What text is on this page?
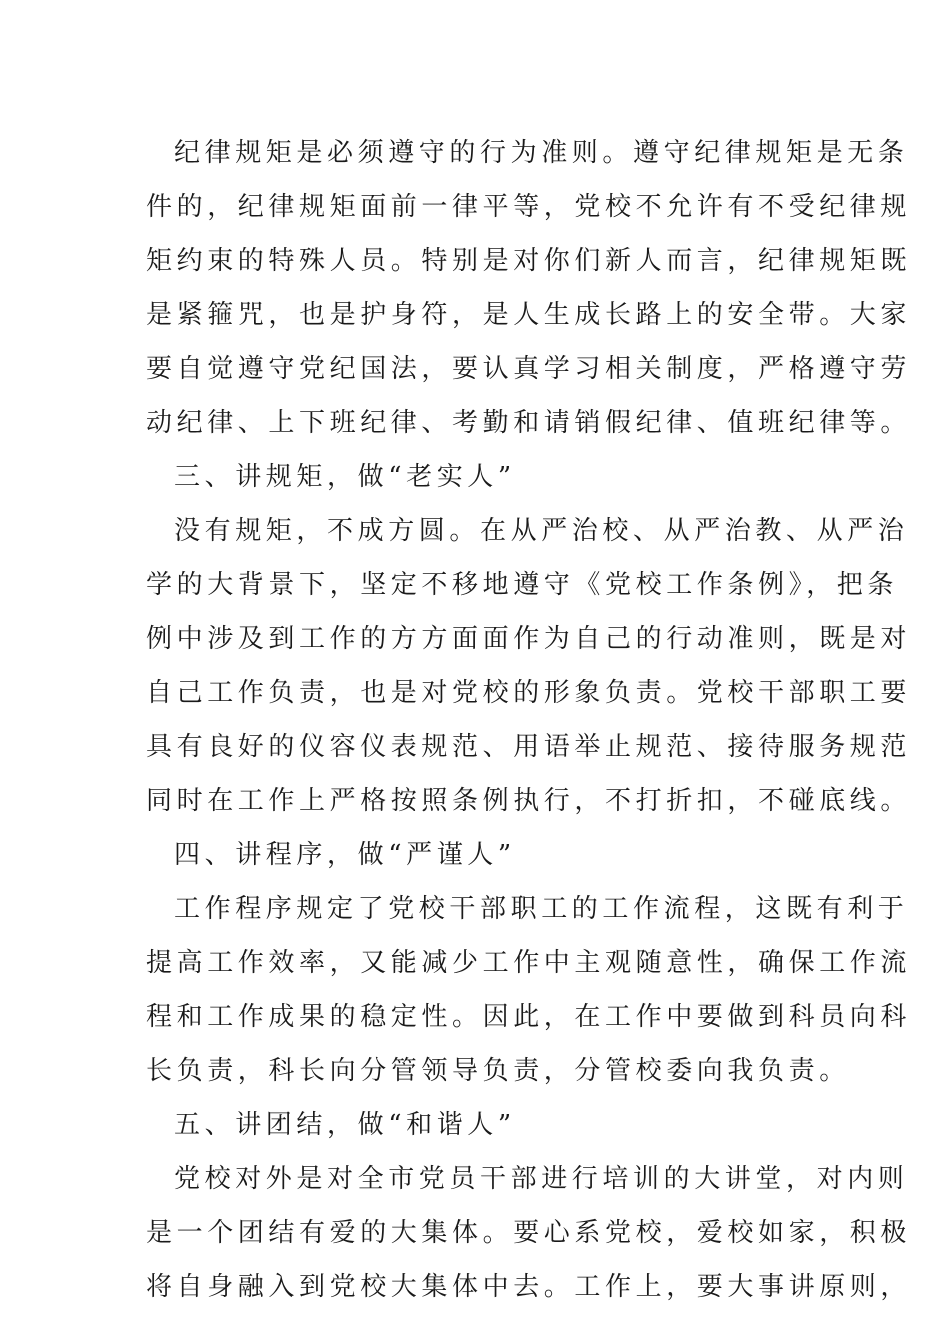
纪律规矩是必须遵守的行为准则。遵守纪律规矩是无条
件的，纪律规矩面前一律平等，党校不允许有不受纪律规
矩约束的特殊人员。特别是对你们新人而言，纪律规矩既
是紧箍咒，也是护身符，是人生成长路上的安全带。大家
要自觉遵守党纪国法，要认真学习相关制度，严格遵守劳
动纪律、上下班纪律、考勤和请销假纪律、值班纪律等。
三、讲规矩，做“老实人”
没有规矩，不成方圆。在从严治校、从严治教、从严治
学的大背景下，坚定不移地遵守《党校工作条例》，把条
例中涉及到工作的方方面面作为自己的行动准则，既是对
自己工作负责，也是对党校的形象负责。党校干部职工要
具有良好的仪容仪表规范、用语举止规范、接待服务规范
同时在工作上严格按照条例执行，不打折扣，不碰底线。
四、讲程序，做“严谨人”
工作程序规定了党校干部职工的工作流程，这既有利于
提高工作效率，又能减少工作中主观随意性，确保工作流
程和工作成果的稳定性。因此，在工作中要做到科员向科
长负责，科长向分管领导负责，分管校委向我负责。
五、讲团结，做“和谐人”
党校对外是对全市党员干部进行培训的大讲堂，对内则
是一个团结有爱的大集体。要心系党校，爱校如家，积极
将自身融入到党校大集体中去。工作上，要大事讲原则，
